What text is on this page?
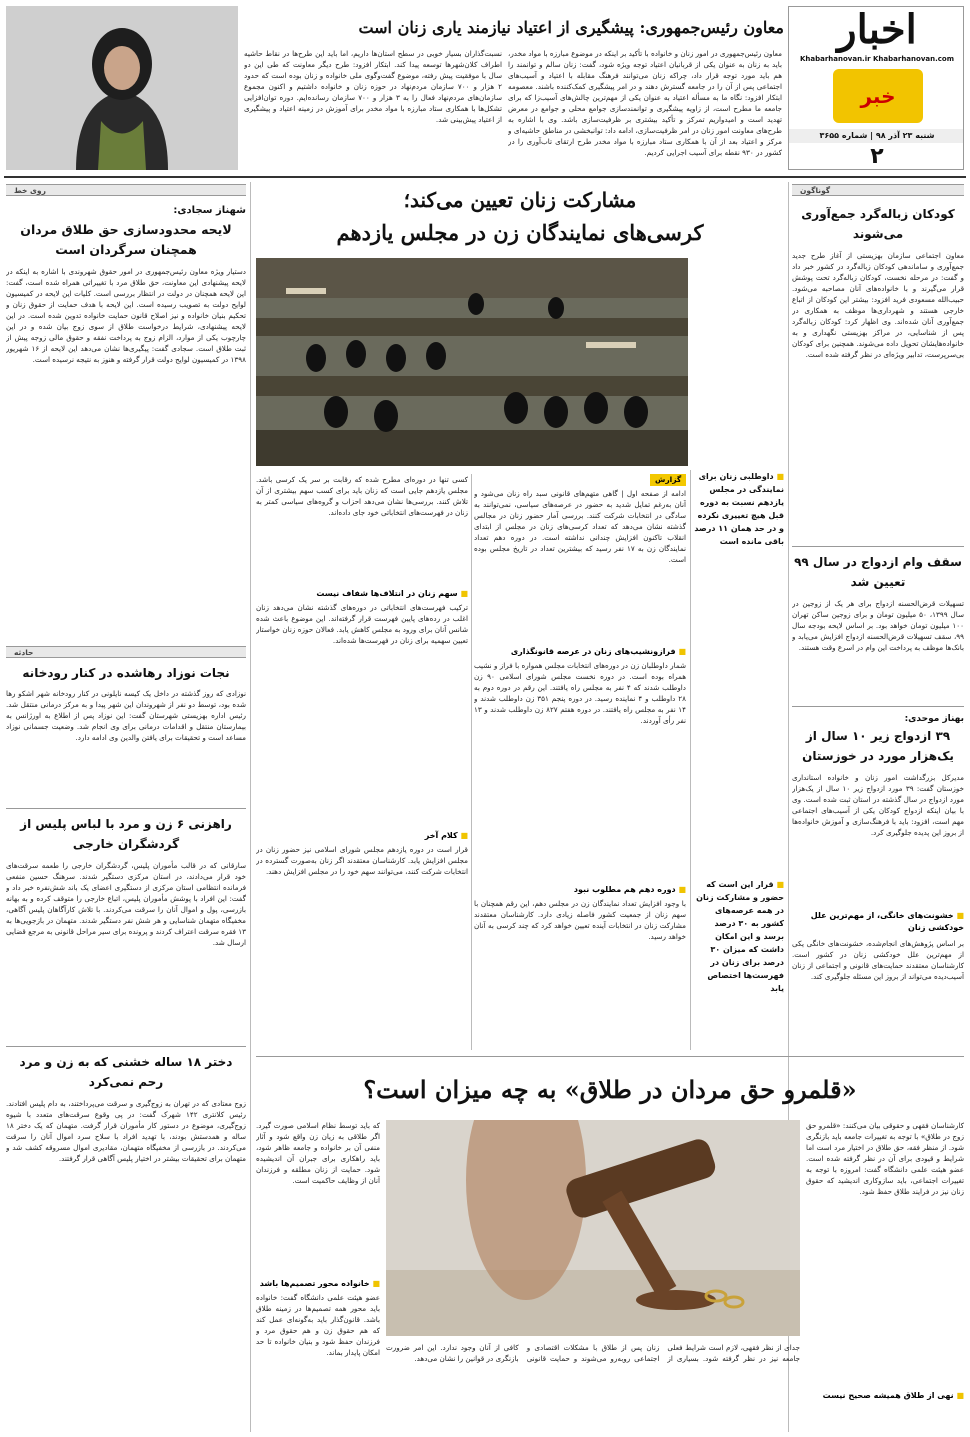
اخبار
Khabarhanovan.ir Khabarhanovan.com
خبر
شنبه ۲۳ آذر ۹۸ | شماره ۳۶۵۵
۲
معاون رئیس‌جمهوری: پیشگیری از اعتیاد نیازمند یاری زنان است
معاون رئیس‌جمهوری در امور زنان و خانواده با تأکید بر اینکه در موضوع مبارزه با مواد مخدر، باید به زنان به عنوان یکی از قربانیان اعتیاد توجه ویژه شود، گفت: زنان سالم و توانمند را هم باید مورد توجه قرار داد، چراکه زنان می‌توانند فرهنگ مقابله با اعتیاد و آسیب‌های اجتماعی پس از آن را در جامعه گسترش دهند و در امر پیشگیری کمک‌کننده باشند. معصومه ابتکار افزود: نگاه ما به مسأله اعتیاد به عنوان یکی از مهم‌ترین چالش‌های آسیب‌زا که برای جامعه ما مطرح است، از زاویه پیشگیری و توانمندسازی جوامع محلی و جوامع در معرض تهدید است و امیدواریم تمرکز و تأکید بیشتری بر ظرفیت‌سازی باشد. وی با اشاره به طرح‌های معاونت امور زنان در امر ظرفیت‌سازی، ادامه داد: توانبخشی در مناطق حاشیه‌ای و مرکز و اعتیاد بعد از آن با همکاری ستاد مبارزه با مواد مخدر طرح ارتقای تاب‌آوری را در کشور در ۹۳۰ نقطه برای آسیب اجرایی کردیم.
نسبت‌گذاران بسیار خوبی در سطح استان‌ها داریم، اما باید این طرح‌ها در نقاط حاشیه اطراف کلان‌شهرها توسعه پیدا کند. ابتکار افزود: طرح دیگر معاونت که طی این دو سال با موفقیت پیش رفته، موضوع گفت‌وگوی ملی خانواده و زنان بوده است که حدود ۲ هزار و ۷۰۰ سازمان مردم‌نهاد در حوزه زنان و خانواده داشتیم و اکنون مجموع سازمان‌های مردم‌نهاد فعال را به ۳ هزار و ۷۰۰ سازمان رسانده‌ایم. دوره توان‌افزایی تشکل‌ها با همکاری ستاد مبارزه با مواد مخدر برای آموزش در زمینه اعتیاد و پیشگیری از اعتیاد پیش‌بینی شد.
روی خط
شهناز سجادی:
لایحه محدودسازی حق طلاق مردان همچنان سرگردان است
دستیار ویژه معاون رئیس‌جمهوری در امور حقوق شهروندی با اشاره به اینکه در لایحه پیشنهادی این معاونت، حق طلاق مرد با تغییراتی همراه شده است، گفت: این لایحه همچنان در دولت در انتظار بررسی است. کلیات این لایحه در کمیسیون لوایح دولت به تصویب رسیده است. این لایحه با هدف حمایت از حقوق زنان و تحکیم بنیان خانواده و نیز اصلاح قانون حمایت خانواده تدوین شده است. در این لایحه پیشنهادی، شرایط درخواست طلاق از سوی زوج بیان شده و در این چارچوب یکی از موارد، الزام زوج به پرداخت نفقه و حقوق مالی زوجه پیش از ثبت طلاق است. سجادی گفت: پیگیری‌ها نشان می‌دهد این لایحه از ۱۶ شهریور ۱۳۹۸ در کمیسیون لوایح دولت قرار گرفته و هنوز به نتیجه نرسیده است.
حادثه
نجات نوزاد رهاشده در کنار رودخانه
نوزادی که روز گذشته در داخل یک کیسه نایلونی در کنار رودخانه شهر اشکو رها شده بود، توسط دو نفر از شهروندان این شهر پیدا و به مرکز درمانی منتقل شد. رئیس اداره بهزیستی شهرستان گفت: این نوزاد پس از اطلاع به اورژانس به بیمارستان منتقل و اقدامات درمانی برای وی انجام شد. وضعیت جسمانی نوزاد مساعد است و تحقیقات برای یافتن والدین وی ادامه دارد.
راهزنی ۶ زن و مرد با لباس پلیس از گردشگران خارجی
سارقانی که در قالب مأموران پلیس، گردشگران خارجی را طعمه سرقت‌های خود قرار می‌دادند، در استان مرکزی دستگیر شدند. سرهنگ حسین منفعی فرمانده انتظامی استان مرکزی از دستگیری اعضای یک باند شش‌نفره خبر داد و گفت: این افراد با پوشش مأموران پلیس، اتباع خارجی را متوقف کرده و به بهانه بازرسی، پول و اموال آنان را سرقت می‌کردند. با تلاش کارآگاهان پلیس آگاهی، مخفیگاه متهمان شناسایی و هر شش نفر دستگیر شدند. متهمان در بازجویی‌ها به ۱۳ فقره سرقت اعتراف کردند و پرونده برای سیر مراحل قانونی به مرجع قضایی ارسال شد.
دختر ۱۸ ساله خشنی که به زن و مرد رحم نمی‌کرد
زوج معتادی که در تهران به زوج‌گیری و سرقت می‌پرداختند، به دام پلیس افتادند. رئیس کلانتری ۱۴۲ شهرک گفت: در پی وقوع سرقت‌های متعدد با شیوه زوج‌گیری، موضوع در دستور کار مأموران قرار گرفت. متهمان که یک دختر ۱۸ ساله و همدستش بودند، با تهدید افراد با سلاح سرد اموال آنان را سرقت می‌کردند. در بازرسی از مخفیگاه متهمان، مقادیری اموال مسروقه کشف شد و متهمان برای تحقیقات بیشتر در اختیار پلیس آگاهی قرار گرفتند.
مشارکت زنان تعیین می‌کند؛
کرسی‌های نمایندگان زن در مجلس یازدهم
■ داوطلبی زنان برای نمایندگی در مجلس یازدهم نسبت به دوره قبل هیچ تغییری نکرده و در حد همان ۱۱ درصد باقی مانده است
■ قرار این است که حضور و مشارکت زنان در همه عرصه‌های کشور به ۳۰ درصد برسد و این امکان داشت که میزان ۳۰ درصد برای زنان در فهرست‌ها اختصاص یابد
گزارش
ادامه از صفحه اول | گاهی متهم‌های قانونی سبد راه زنان می‌شود و آنان به‌رغم تمایل شدید به حضور در عرصه‌های سیاسی، نمی‌توانند به سادگی در انتخابات شرکت کنند. بررسی آمار حضور زنان در مجالس گذشته نشان می‌دهد که تعداد کرسی‌های زنان در مجلس از ابتدای انقلاب تاکنون افزایش چندانی نداشته است. در دوره دهم تعداد نمایندگان زن به ۱۷ نفر رسید که بیشترین تعداد در تاریخ مجلس بوده است.
■ فرازونشیب‌های زنان در عرصه قانونگذاری
شمار داوطلبان زن در دوره‌های انتخابات مجلس همواره با فراز و نشیب همراه بوده است. در دوره نخست مجلس شورای اسلامی ۹۰ زن داوطلب شدند که ۴ نفر به مجلس راه یافتند. این رقم در دوره دوم به ۲۸ داوطلب و ۴ نماینده رسید. در دوره پنجم ۳۵۱ زن داوطلب شدند و ۱۴ نفر به مجلس راه یافتند. در دوره هفتم ۸۲۷ زن داوطلب شدند و ۱۳ نفر رأی آوردند.
■ دوره دهم هم مطلوب نبود
با وجود افزایش تعداد نمایندگان زن در مجلس دهم، این رقم همچنان با سهم زنان از جمعیت کشور فاصله زیادی دارد. کارشناسان معتقدند مشارکت زنان در انتخابات آینده تعیین خواهد کرد که چند کرسی به آنان خواهد رسید.
کسی تنها در دوره‌ای مطرح شده که رقابت بر سر یک کرسی باشد. مجلس یازدهم جایی است که زنان باید برای کسب سهم بیشتری از آن تلاش کنند. بررسی‌ها نشان می‌دهد احزاب و گروه‌های سیاسی کمتر به زنان در فهرست‌های انتخاباتی خود جای داده‌اند.
■ سهم زنان در انتلاف‌ها شفاف نیست
ترکیب فهرست‌های انتخاباتی در دوره‌های گذشته نشان می‌دهد زنان اغلب در رده‌های پایین فهرست قرار گرفته‌اند. این موضوع باعث شده شانس آنان برای ورود به مجلس کاهش یابد. فعالان حوزه زنان خواستار تعیین سهمیه برای زنان در فهرست‌ها شده‌اند.
■ کلام آخر
قرار است در دوره یازدهم مجلس شورای اسلامی نیز حضور زنان در مجلس افزایش یابد. کارشناسان معتقدند اگر زنان به‌صورت گسترده در انتخابات شرکت کنند، می‌توانند سهم خود را در مجلس افزایش دهند.
گوناگون
کودکان زباله‌گرد جمع‌آوری می‌شوند
معاون اجتماعی سازمان بهزیستی از آغاز طرح جدید جمع‌آوری و ساماندهی کودکان زباله‌گرد در کشور خبر داد و گفت: در مرحله نخست، کودکان زباله‌گرد تحت پوشش قرار می‌گیرند و با خانواده‌های آنان مصاحبه می‌شود. حبیب‌الله مسعودی فرید افزود: بیشتر این کودکان از اتباع خارجی هستند و شهرداری‌ها موظف به همکاری در جمع‌آوری آنان شده‌اند. وی اظهار کرد: کودکان زباله‌گرد پس از شناسایی، در مراکز بهزیستی نگهداری و به خانواده‌هایشان تحویل داده می‌شوند. همچنین برای کودکان بی‌سرپرست، تدابیر ویژه‌ای در نظر گرفته شده است.
سقف وام ازدواج در سال ۹۹ تعیین شد
تسهیلات قرض‌الحسنه ازدواج برای هر یک از زوجین در سال ۱۳۹۹، ۵۰ میلیون تومان و برای زوجین ساکن تهران ۱۰۰ میلیون تومان خواهد بود. بر اساس لایحه بودجه سال ۹۹، سقف تسهیلات قرض‌الحسنه ازدواج افزایش می‌یابد و بانک‌ها موظف به پرداخت این وام در اسرع وقت هستند.
بهناز موحدی:
۳۹ ازدواج زیر ۱۰ سال از یک‌هزار مورد در خوزستان
مدیرکل بزرگداشت امور زنان و خانواده استانداری خوزستان گفت: ۳۹ مورد ازدواج زیر ۱۰ سال از یک‌هزار مورد ازدواج در سال گذشته در استان ثبت شده است. وی با بیان اینکه ازدواج کودکان یکی از آسیب‌های اجتماعی مهم است، افزود: باید با فرهنگ‌سازی و آموزش خانواده‌ها از بروز این پدیده جلوگیری کرد.
■ خشونت‌های خانگی، از مهم‌ترین علل خودکشی زنان
بر اساس پژوهش‌های انجام‌شده، خشونت‌های خانگی یکی از مهم‌ترین علل خودکشی زنان در کشور است. کارشناسان معتقدند حمایت‌های قانونی و اجتماعی از زنان آسیب‌دیده می‌تواند از بروز این مسئله جلوگیری کند.
«قلمرو حق مردان در طلاق» به چه میزان است؟
کارشناسان فقهی و حقوقی بیان می‌کنند: «قلمرو حق زوج در طلاق» با توجه به تغییرات جامعه باید بازنگری شود. از منظر فقه، حق طلاق در اختیار مرد است اما شرایط و قیودی برای آن در نظر گرفته شده است. عضو هیئت علمی دانشگاه گفت: امروزه با توجه به تغییرات اجتماعی، باید سازوکاری اندیشید که حقوق زنان نیز در فرایند طلاق حفظ شود.
■ نهی از طلاق همیشه صحیح نیست
که باید توسط نظام اسلامی صورت گیرد. اگر طلاقی به زیان زن واقع شود و آثار منفی آن بر خانواده و جامعه ظاهر شود، باید راهکاری برای جبران آن اندیشیده شود. حمایت از زنان مطلقه و فرزندان آنان از وظایف حاکمیت است.
■ خانواده محور تصمیم‌ها باشد
عضو هیئت علمی دانشگاه گفت: خانواده باید محور همه تصمیم‌ها در زمینه طلاق باشد. قانون‌گذار باید به‌گونه‌ای عمل کند که هم حقوق زن و هم حقوق مرد و فرزندان حفظ شود و بنیان خانواده تا حد امکان پایدار بماند.
جدای از نظر فقهی، لازم است شرایط فعلی جامعه نیز در نظر گرفته شود. بسیاری از زنان پس از طلاق با مشکلات اقتصادی و اجتماعی روبه‌رو می‌شوند و حمایت قانونی کافی از آنان وجود ندارد. این امر ضرورت بازنگری در قوانین را نشان می‌دهد.
